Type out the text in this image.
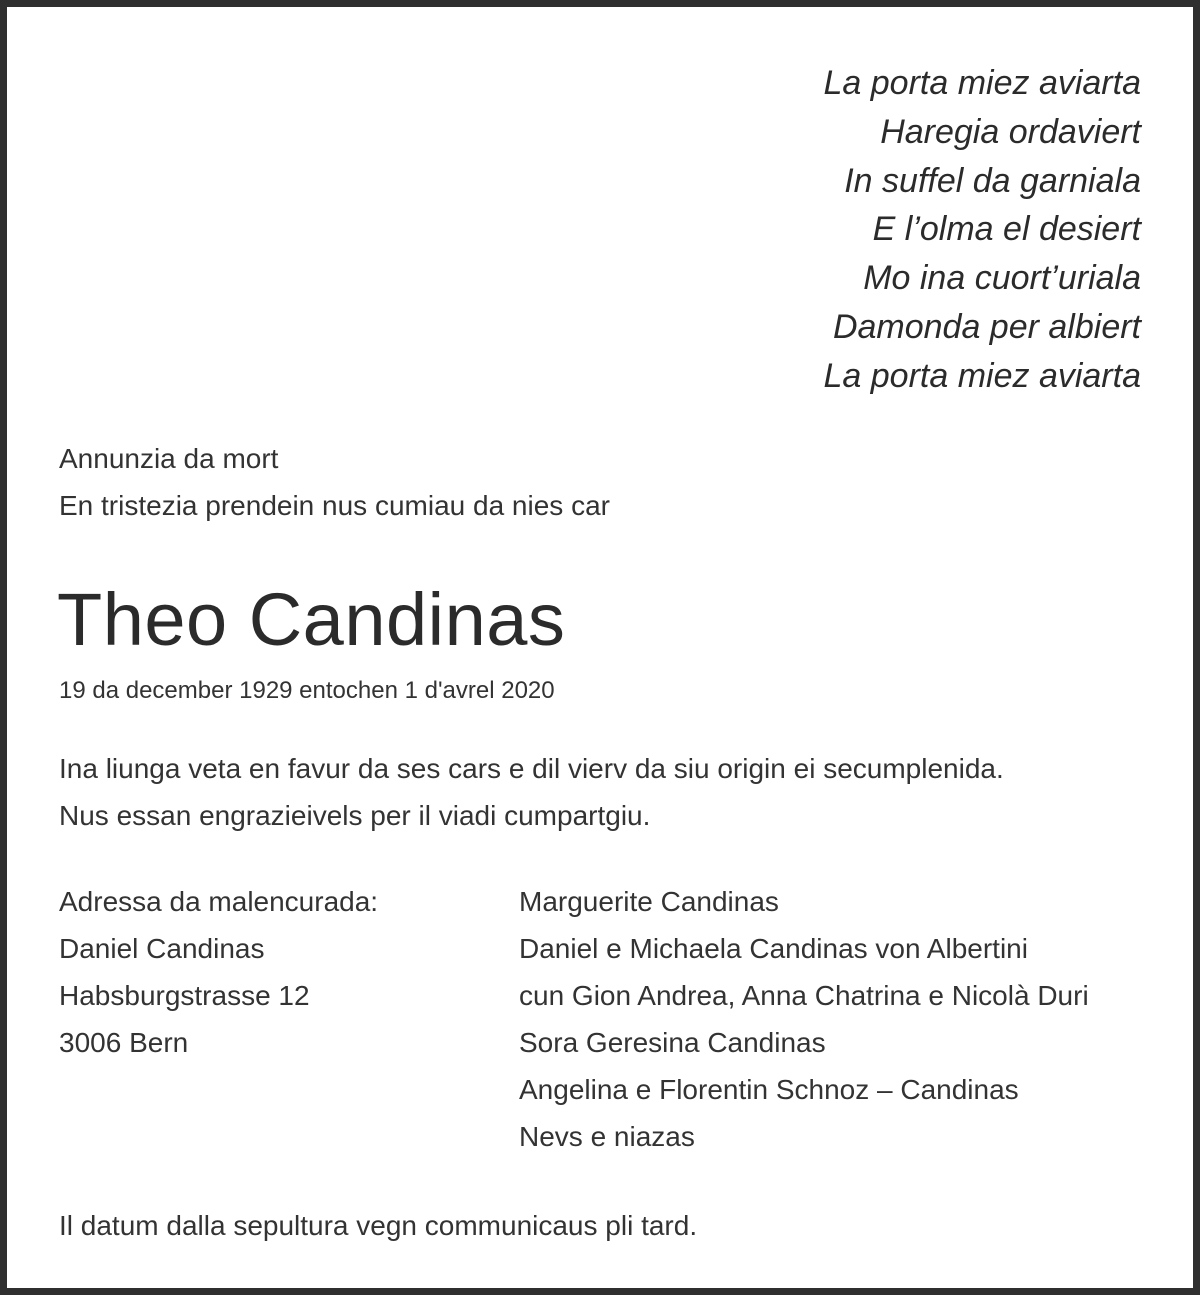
La porta miez aviarta
Haregia ordaviert
In suffel da garniala
E l’olma el desiert
Mo ina cuort’uriala
Damonda per albiert
La porta miez aviarta
Annunzia da mort
En tristezia prendein nus cumiau da nies car
Theo Candinas
19 da december 1929 entochen 1 d'avrel 2020
Ina liunga veta en favur da ses cars e dil vierv da siu origin ei secumplenida.
Nus essan engrazieivels per il viadi cumpartgiu.
Adressa da malencurada:
Daniel Candinas
Habsburgstrasse 12
3006 Bern
Marguerite Candinas
Daniel e Michaela Candinas von Albertini
cun Gion Andrea, Anna Chatrina e Nicolà Duri
Sora Geresina Candinas
Angelina e Florentin Schnoz – Candinas
Nevs e niazas
Il datum dalla sepultura vegn communicaus pli tard.
